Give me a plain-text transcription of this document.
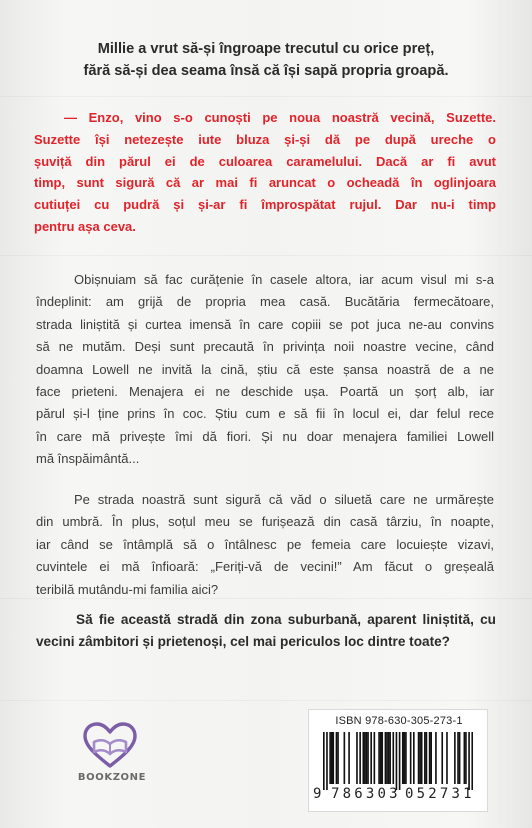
Millie a vrut să-și îngroape trecutul cu orice preț,
fără să-și dea seama însă că își sapă propria groapă.
— Enzo, vino s-o cunoști pe noua noastră vecină, Suzette.
Suzette își netezește iute bluza și-și dă pe după ureche o
șuviță din părul ei de culoarea caramelului. Dacă ar fi avut
timp, sunt sigură că ar mai fi aruncat o ocheadă în oglinjoara
cutiuței cu pudră și și-ar fi împrospătat rujul. Dar nu-i timp
pentru așa ceva.
Obișnuiam să fac curățenie în casele altora, iar acum visul mi s-a
îndeplinit: am grijă de propria mea casă. Bucătăria fermecătoare,
strada liniștită și curtea imensă în care copiii se pot juca ne-au convins
să ne mutăm. Deși sunt precaută în privința noii noastre vecine, când
doamna Lowell ne invită la cină, știu că este șansa noastră de a ne
face prieteni. Menajera ei ne deschide ușa. Poartă un șorț alb, iar
părul și-l ține prins în coc. Știu cum e să fii în locul ei, dar felul rece
în care mă privește îmi dă fiori. Și nu doar menajera familiei Lowell
mă înspăimântă...
Pe strada noastră sunt sigură că văd o siluetă care ne urmărește
din umbră. În plus, soțul meu se furișează din casă târziu, în noapte,
iar când se întâmplă să o întâlnesc pe femeia care locuiește vizavi,
cuvintele ei mă înfioară: „Feriți-vă de vecini!” Am făcut o greșeală
teribilă mutându-mi familia aici?
Să fie această stradă din zona suburbană, aparent liniștită, cu
vecini zâmbitori și prietenoși, cel mai periculos loc dintre toate?
BOOKZONE
ISBN 978-630-305-273-1
9 786303 052731
